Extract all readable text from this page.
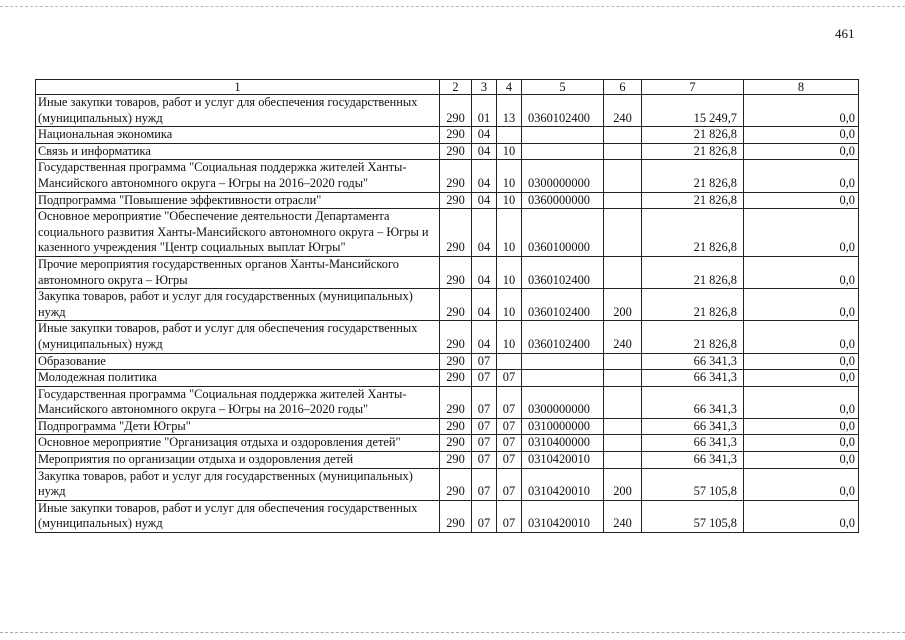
461
1	2	3	4	5	6	7	8
Иные закупки товаров, работ и услуг для обеспечения государственных (муниципальных) нужд	290	01	13	0360102400	240	15 249,7	0,0
Национальная экономика	290	04				21 826,8	0,0
Связь и информатика	290	04	10			21 826,8	0,0
Государственная программа "Социальная поддержка жителей Ханты-Мансийского автономного округа – Югры на 2016–2020 годы"	290	04	10	0300000000		21 826,8	0,0
Подпрограмма "Повышение эффективности отрасли"	290	04	10	0360000000		21 826,8	0,0
Основное мероприятие "Обеспечение деятельности Департамента социального развития Ханты-Мансийского автономного округа – Югры и казенного учреждения "Центр социальных выплат Югры"	290	04	10	0360100000		21 826,8	0,0
Прочие мероприятия государственных органов Ханты-Мансийского автономного округа – Югры	290	04	10	0360102400		21 826,8	0,0
Закупка товаров, работ и услуг для государственных (муниципальных) нужд	290	04	10	0360102400	200	21 826,8	0,0
Иные закупки товаров, работ и услуг для обеспечения государственных (муниципальных) нужд	290	04	10	0360102400	240	21 826,8	0,0
Образование	290	07				66 341,3	0,0
Молодежная политика	290	07	07			66 341,3	0,0
Государственная программа "Социальная поддержка жителей Ханты-Мансийского автономного округа – Югры на 2016–2020 годы"	290	07	07	0300000000		66 341,3	0,0
Подпрограмма "Дети Югры"	290	07	07	0310000000		66 341,3	0,0
Основное мероприятие "Организация отдыха и оздоровления детей"	290	07	07	0310400000		66 341,3	0,0
Мероприятия по организации отдыха и оздоровления детей	290	07	07	0310420010		66 341,3	0,0
Закупка товаров, работ и услуг для государственных (муниципальных) нужд	290	07	07	0310420010	200	57 105,8	0,0
Иные закупки товаров, работ и услуг для обеспечения государственных (муниципальных) нужд	290	07	07	0310420010	240	57 105,8	0,0
